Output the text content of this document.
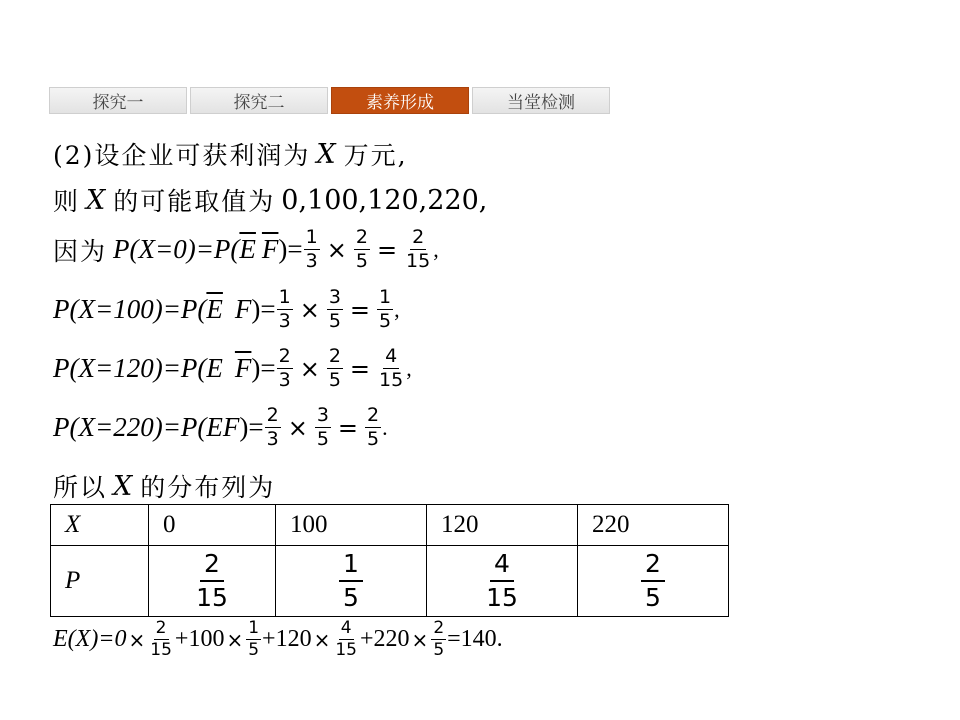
探究一	探究二	素养形成	当堂检测
(2)设企业可获利润为 X 万元,
则 X 的可能取值为 0,100,120,220,
因为 P(X=0)=P( $\overline{E}$ $\overline{F}$ )= $\frac{1}{3} \times \frac{2}{5} = \frac{2}{15}$ ,
P(X=100)=P( $\overline{E}$ F )= $\frac{1}{3} \times \frac{3}{5} = \frac{1}{5}$ ,
P(X=120)=P( E $\overline{F}$ )= $\frac{2}{3} \times \frac{2}{5} = \frac{4}{15}$ ,
P(X=220)=P( EF )= $\frac{2}{3} \times \frac{3}{5} = \frac{2}{5}$ .
所以 X 的分布列为
X	0	100	120	220
P	$\frac{2}{15}$	$\frac{1}{5}$	$\frac{4}{15}$	$\frac{2}{5}$
$E(X)=0 \times \frac{2}{15} +100 \times \frac{1}{5} +120 \times \frac{4}{15} +220 \times \frac{2}{5} =140$.
